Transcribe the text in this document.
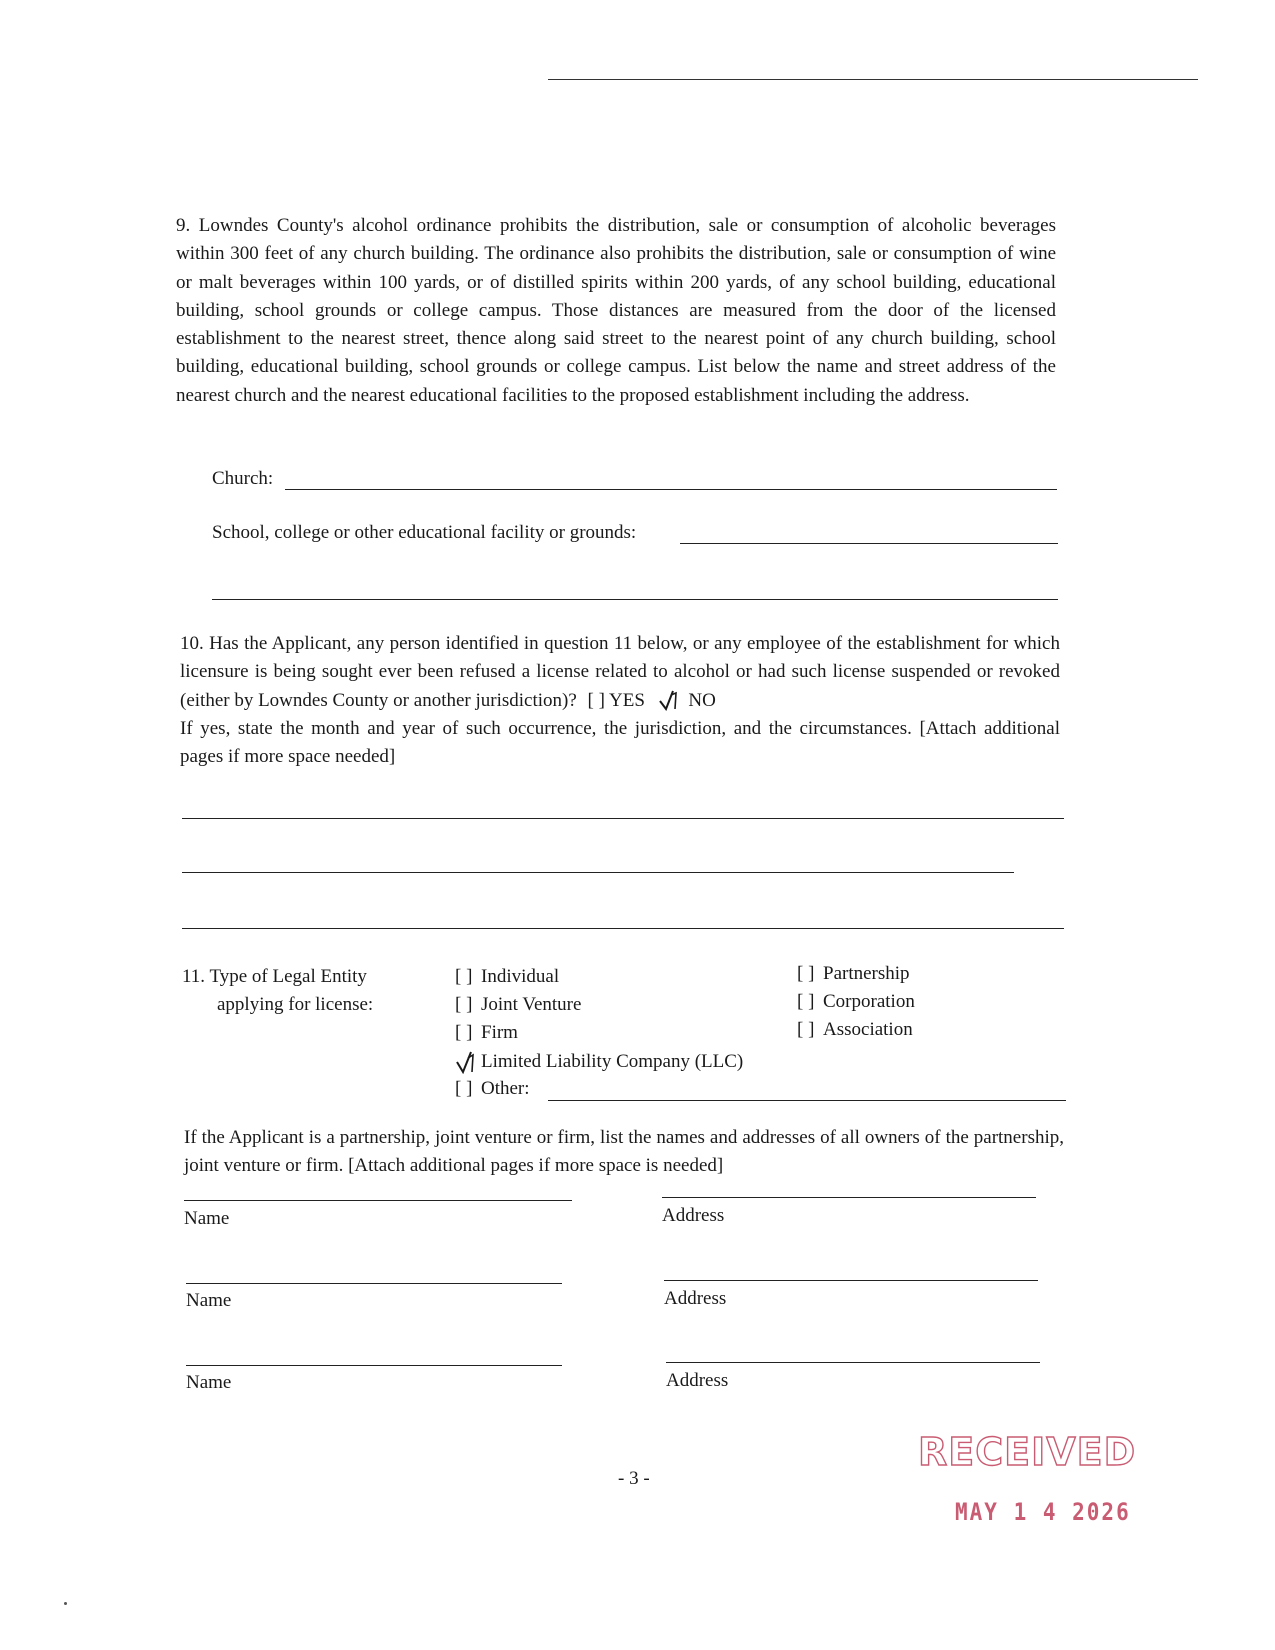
9. Lowndes County's alcohol ordinance prohibits the distribution, sale or consumption of alcoholic beverages within 300 feet of any church building. The ordinance also prohibits the distribution, sale or consumption of wine or malt beverages within 100 yards, or of distilled spirits within 200 yards, of any school building, educational building, school grounds or college campus. Those distances are measured from the door of the licensed establishment to the nearest street, thence along said street to the nearest point of any church building, school building, educational building, school grounds or college campus. List below the name and street address of the nearest church and the nearest educational facilities to the proposed establishment including the address.
Church:
School, college or other educational facility or grounds:
10. Has the Applicant, any person identified in question 11 below, or any employee of the establishment for which licensure is being sought ever been refused a license related to alcohol or had such license suspended or revoked (either by Lowndes County or another jurisdiction)? [ ] YES NO
If yes, state the month and year of such occurrence, the jurisdiction, and the circumstances. [Attach additional pages if more space needed]
11. Type of Legal Entity
applying for license:
[ ] Individual
[ ] Joint Venture
[ ] Firm
Limited Liability Company (LLC)
[ ] Other:
[ ] Partnership
[ ] Corporation
[ ] Association
If the Applicant is a partnership, joint venture or firm, list the names and addresses of all owners of the partnership, joint venture or firm. [Attach additional pages if more space is needed]
Name	Address
Name	Address
Name	Address
- 3 -
RECEIVED
MAY 1 4 2026
